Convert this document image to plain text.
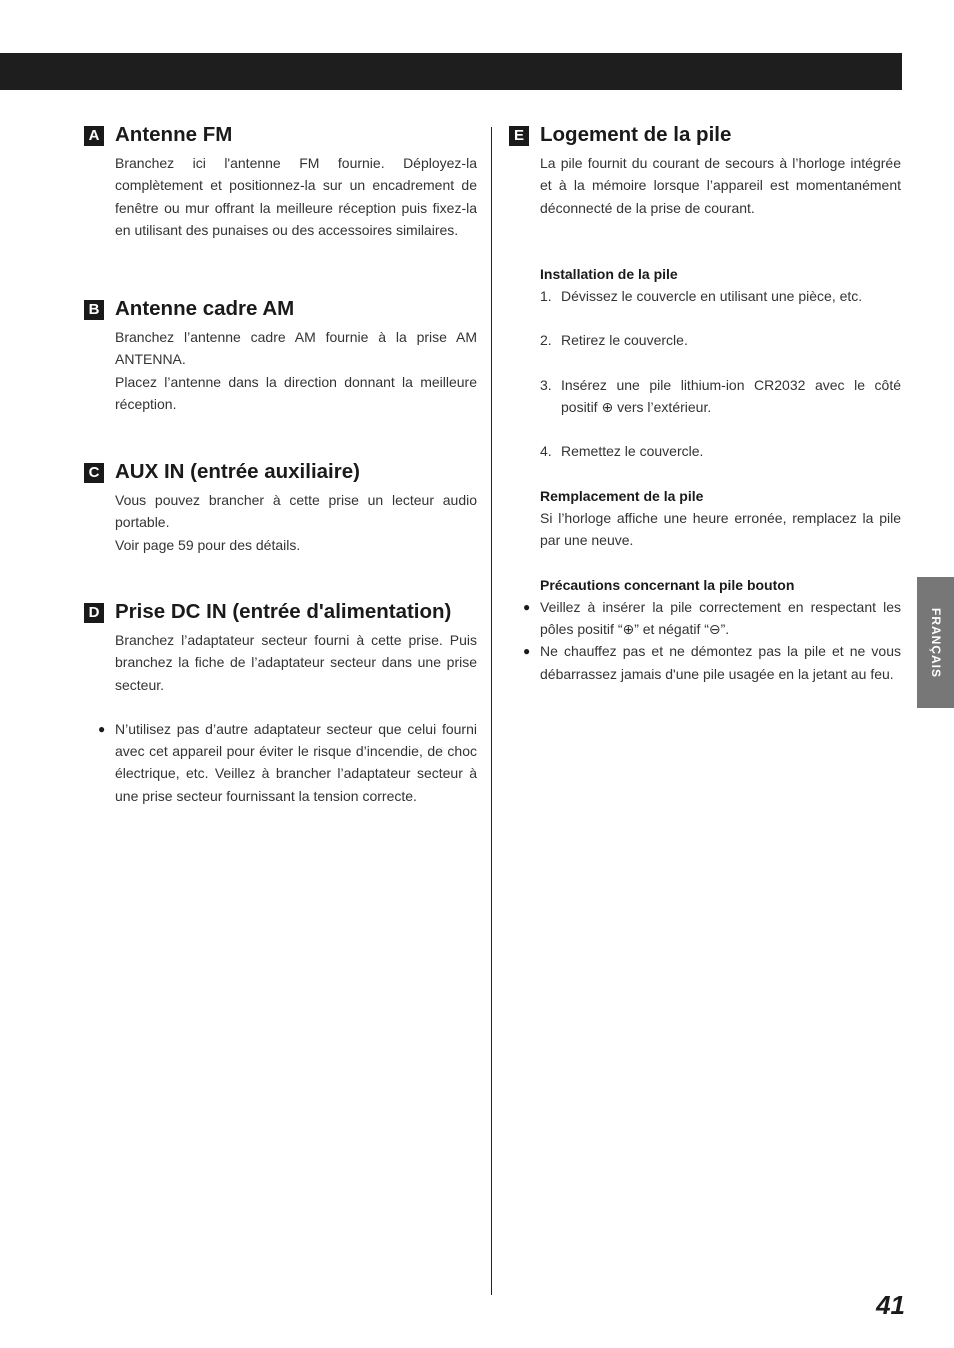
FRANÇAIS
A Antenne FM

Branchez ici l'antenne FM fournie. Déployez-la complètement et positionnez-la sur un encadrement de fenêtre ou mur offrant la meilleure réception puis fixez-la en utilisant des punaises ou des accessoires similaires.

B Antenne cadre AM

Branchez l’antenne cadre AM fournie à la prise AM ANTENNA.

Placez l’antenne dans la direction donnant la meilleure réception.

C AUX IN (entrée auxiliaire)

Vous pouvez brancher à cette prise un lecteur audio portable.

Voir page 59 pour des détails.

D Prise DC IN (entrée d'alimentation)

Branchez l’adaptateur secteur fourni à cette prise. Puis branchez la fiche de l’adaptateur secteur dans une prise secteur.

● N’utilisez pas d’autre adaptateur secteur que celui fourni avec cet appareil pour éviter le risque d’incendie, de choc électrique, etc. Veillez à brancher l’adaptateur secteur à une prise secteur fournissant la tension correcte.

E Logement de la pile

La pile fournit du courant de secours à l’horloge intégrée et à la mémoire lorsque l’appareil est momentanément déconnecté de la prise de courant.

Installation de la pile

1. Dévissez le couvercle en utilisant une pièce, etc.
2. Retirez le couvercle.
3. Insérez une pile lithium-ion CR2032 avec le côté positif ⊕ vers l’extérieur.
4. Remettez le couvercle.

Remplacement de la pile

Si l’horloge affiche une heure erronée, remplacez la pile par une neuve.

Précautions concernant la pile bouton

● Veillez à insérer la pile correctement en respectant les pôles positif “⊕” et négatif “⊖”.
● Ne chauffez pas et ne démontez pas la pile et ne vous débarrassez jamais d'une pile usagée en la jetant au feu.
41
